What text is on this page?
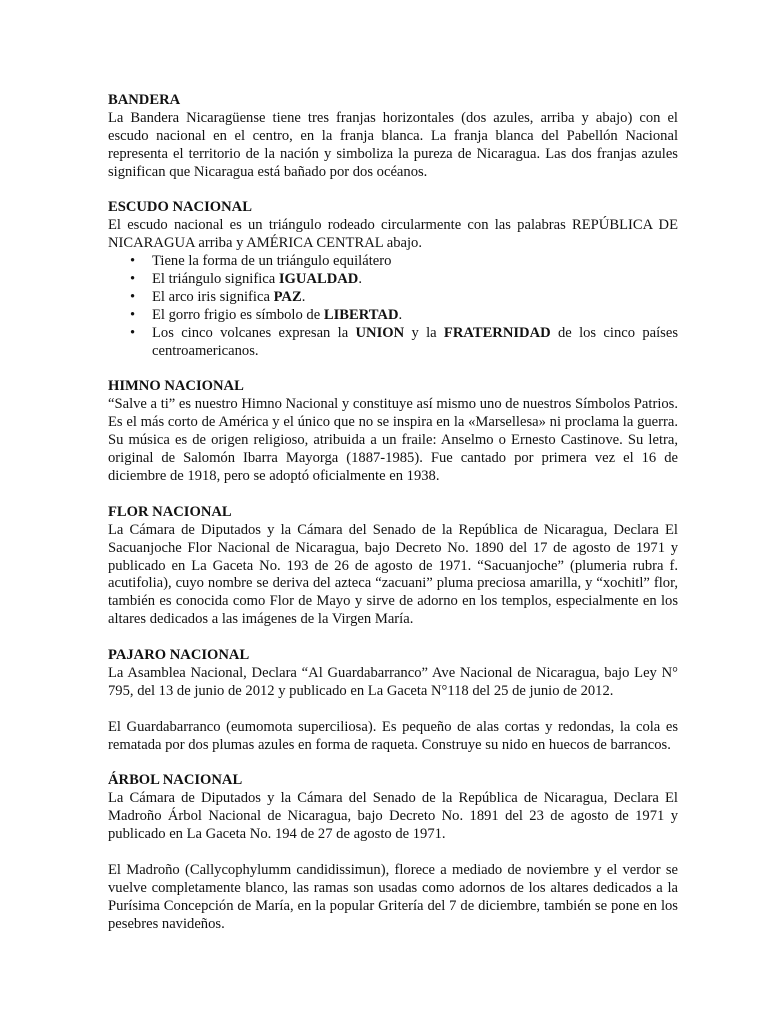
BANDERA

La Bandera Nicaragüense tiene tres franjas horizontales (dos azules, arriba y abajo) con el escudo nacional en el centro, en la franja blanca. La franja blanca del Pabellón Nacional representa el territorio de la nación y simboliza la pureza de Nicaragua. Las dos franjas azules significan que Nicaragua está bañado por dos océanos.

ESCUDO NACIONAL

El escudo nacional es un triángulo rodeado circularmente con las palabras REPÚBLICA DE NICARAGUA arriba y AMÉRICA CENTRAL abajo.

• Tiene la forma de un triángulo equilátero
• El triángulo significa IGUALDAD.
• El arco iris significa PAZ.
• El gorro frigio es símbolo de LIBERTAD.
• Los cinco volcanes expresan la UNION y la FRATERNIDAD de los cinco países centroamericanos.
HIMNO NACIONAL

“Salve a ti” es nuestro Himno Nacional y constituye así mismo uno de nuestros Símbolos Patrios. Es el más corto de América y el único que no se inspira en la «Marsellesa» ni proclama la guerra. Su música es de origen religioso, atribuida a un fraile: Anselmo o Ernesto Castinove. Su letra, original de Salomón Ibarra Mayorga (1887-1985). Fue cantado por primera vez el 16 de diciembre de 1918, pero se adoptó oficialmente en 1938.

FLOR NACIONAL

La Cámara de Diputados y la Cámara del Senado de la República de Nicaragua, Declara El Sacuanjoche Flor Nacional de Nicaragua, bajo Decreto No. 1890 del 17 de agosto de 1971 y publicado en La Gaceta No. 193 de 26 de agosto de 1971. “Sacuanjoche” (plumeria rubra f. acutifolia), cuyo nombre se deriva del azteca “zacuani” pluma preciosa amarilla, y “xochitl” flor, también es conocida como Flor de Mayo y sirve de adorno en los templos, especialmente en los altares dedicados a las imágenes de la Virgen María.

PAJARO NACIONAL

La Asamblea Nacional, Declara “Al Guardabarranco” Ave Nacional de Nicaragua, bajo Ley N° 795, del 13 de junio de 2012 y publicado en La Gaceta N°118 del 25 de junio de 2012.

El Guardabarranco (eumomota superciliosa). Es pequeño de alas cortas y redondas, la cola es rematada por dos plumas azules en forma de raqueta. Construye su nido en huecos de barrancos.

ÁRBOL NACIONAL

La Cámara de Diputados y la Cámara del Senado de la República de Nicaragua, Declara El Madroño Árbol Nacional de Nicaragua, bajo Decreto No. 1891 del 23 de agosto de 1971 y publicado en La Gaceta No. 194 de 27 de agosto de 1971.

El Madroño (Callycophylumm candidissimun), florece a mediado de noviembre y el verdor se vuelve completamente blanco, las ramas son usadas como adornos de los altares dedicados a la Purísima Concepción de María, en la popular Gritería del 7 de diciembre, también se pone en los pesebres navideños.
